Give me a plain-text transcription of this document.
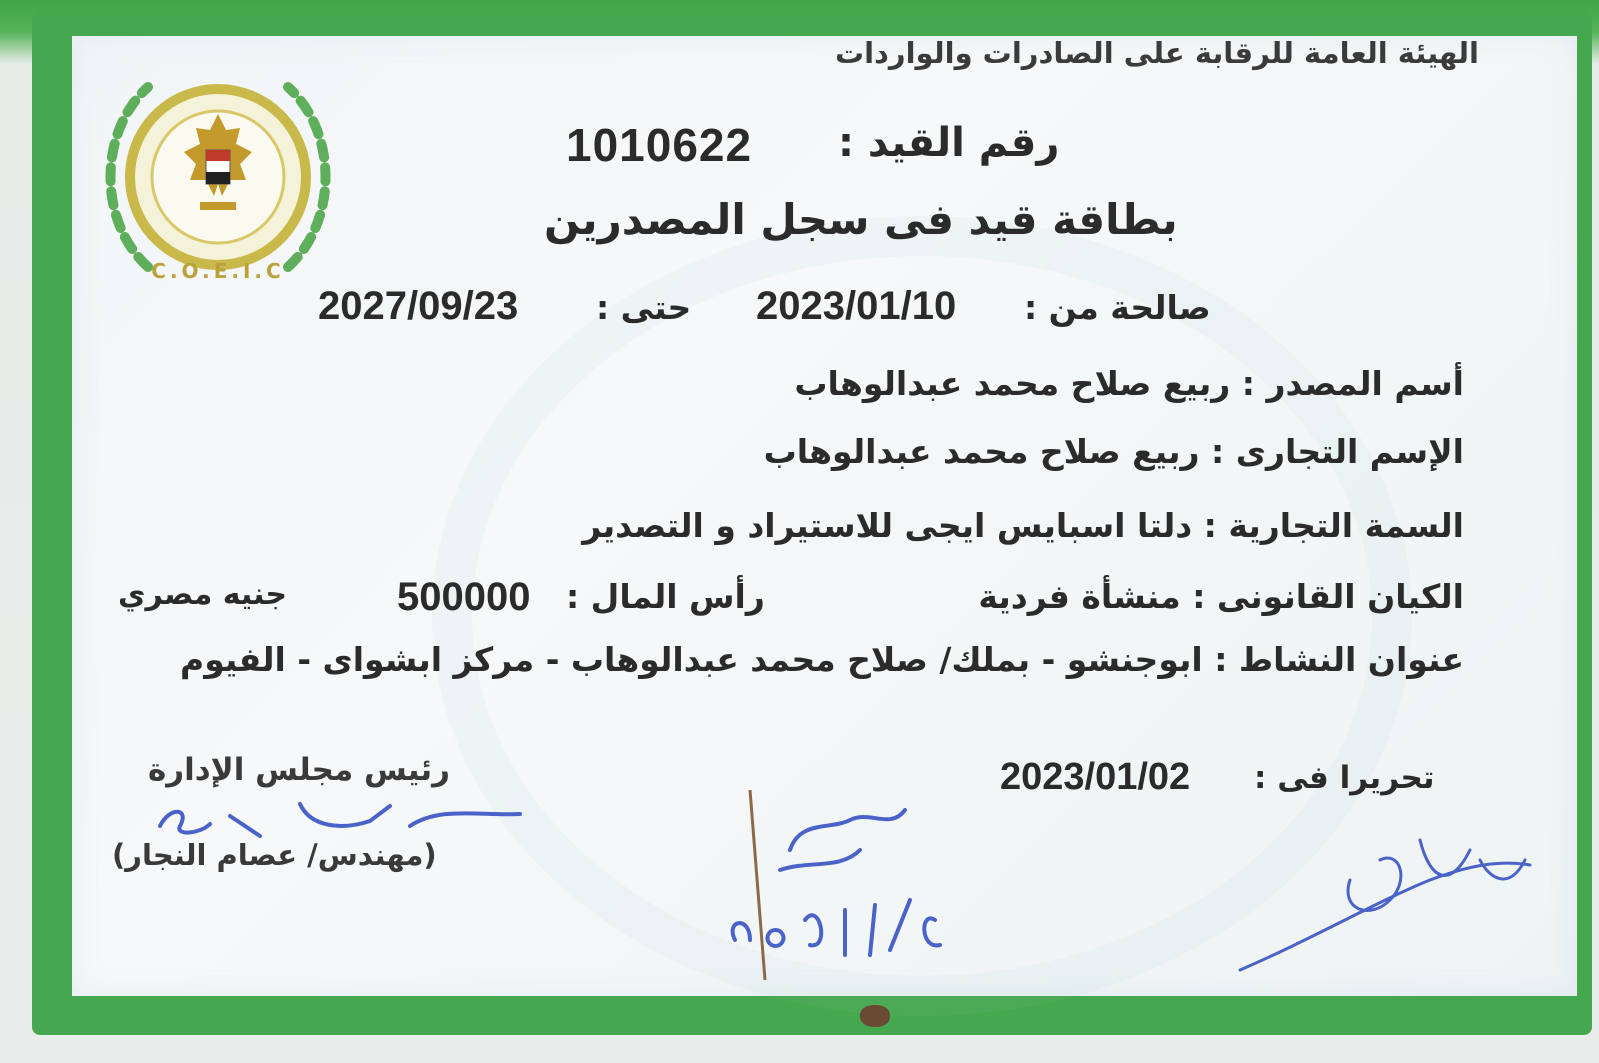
C.O.E.I.C
الهيئة العامة للرقابة على الصادرات والواردات
رقم القيد :
1010622
بطاقة قيد فى سجل المصدرين
صالحة من :
2023/01/10
حتى :
2027/09/23
أسم المصدر : ربيع صلاح محمد عبدالوهاب
الإسم التجارى : ربيع صلاح محمد عبدالوهاب
السمة التجارية : دلتا اسبايس ايجى للاستيراد و التصدير
الكيان القانونى : منشأة فردية
رأس المال :
500000
جنيه مصري
عنوان النشاط : ابوجنشو - بملك/ صلاح محمد عبدالوهاب - مركز ابشواى - الفيوم
تحريرا فى :
2023/01/02
رئيس مجلس الإدارة
(مهندس/ عصام النجار)
